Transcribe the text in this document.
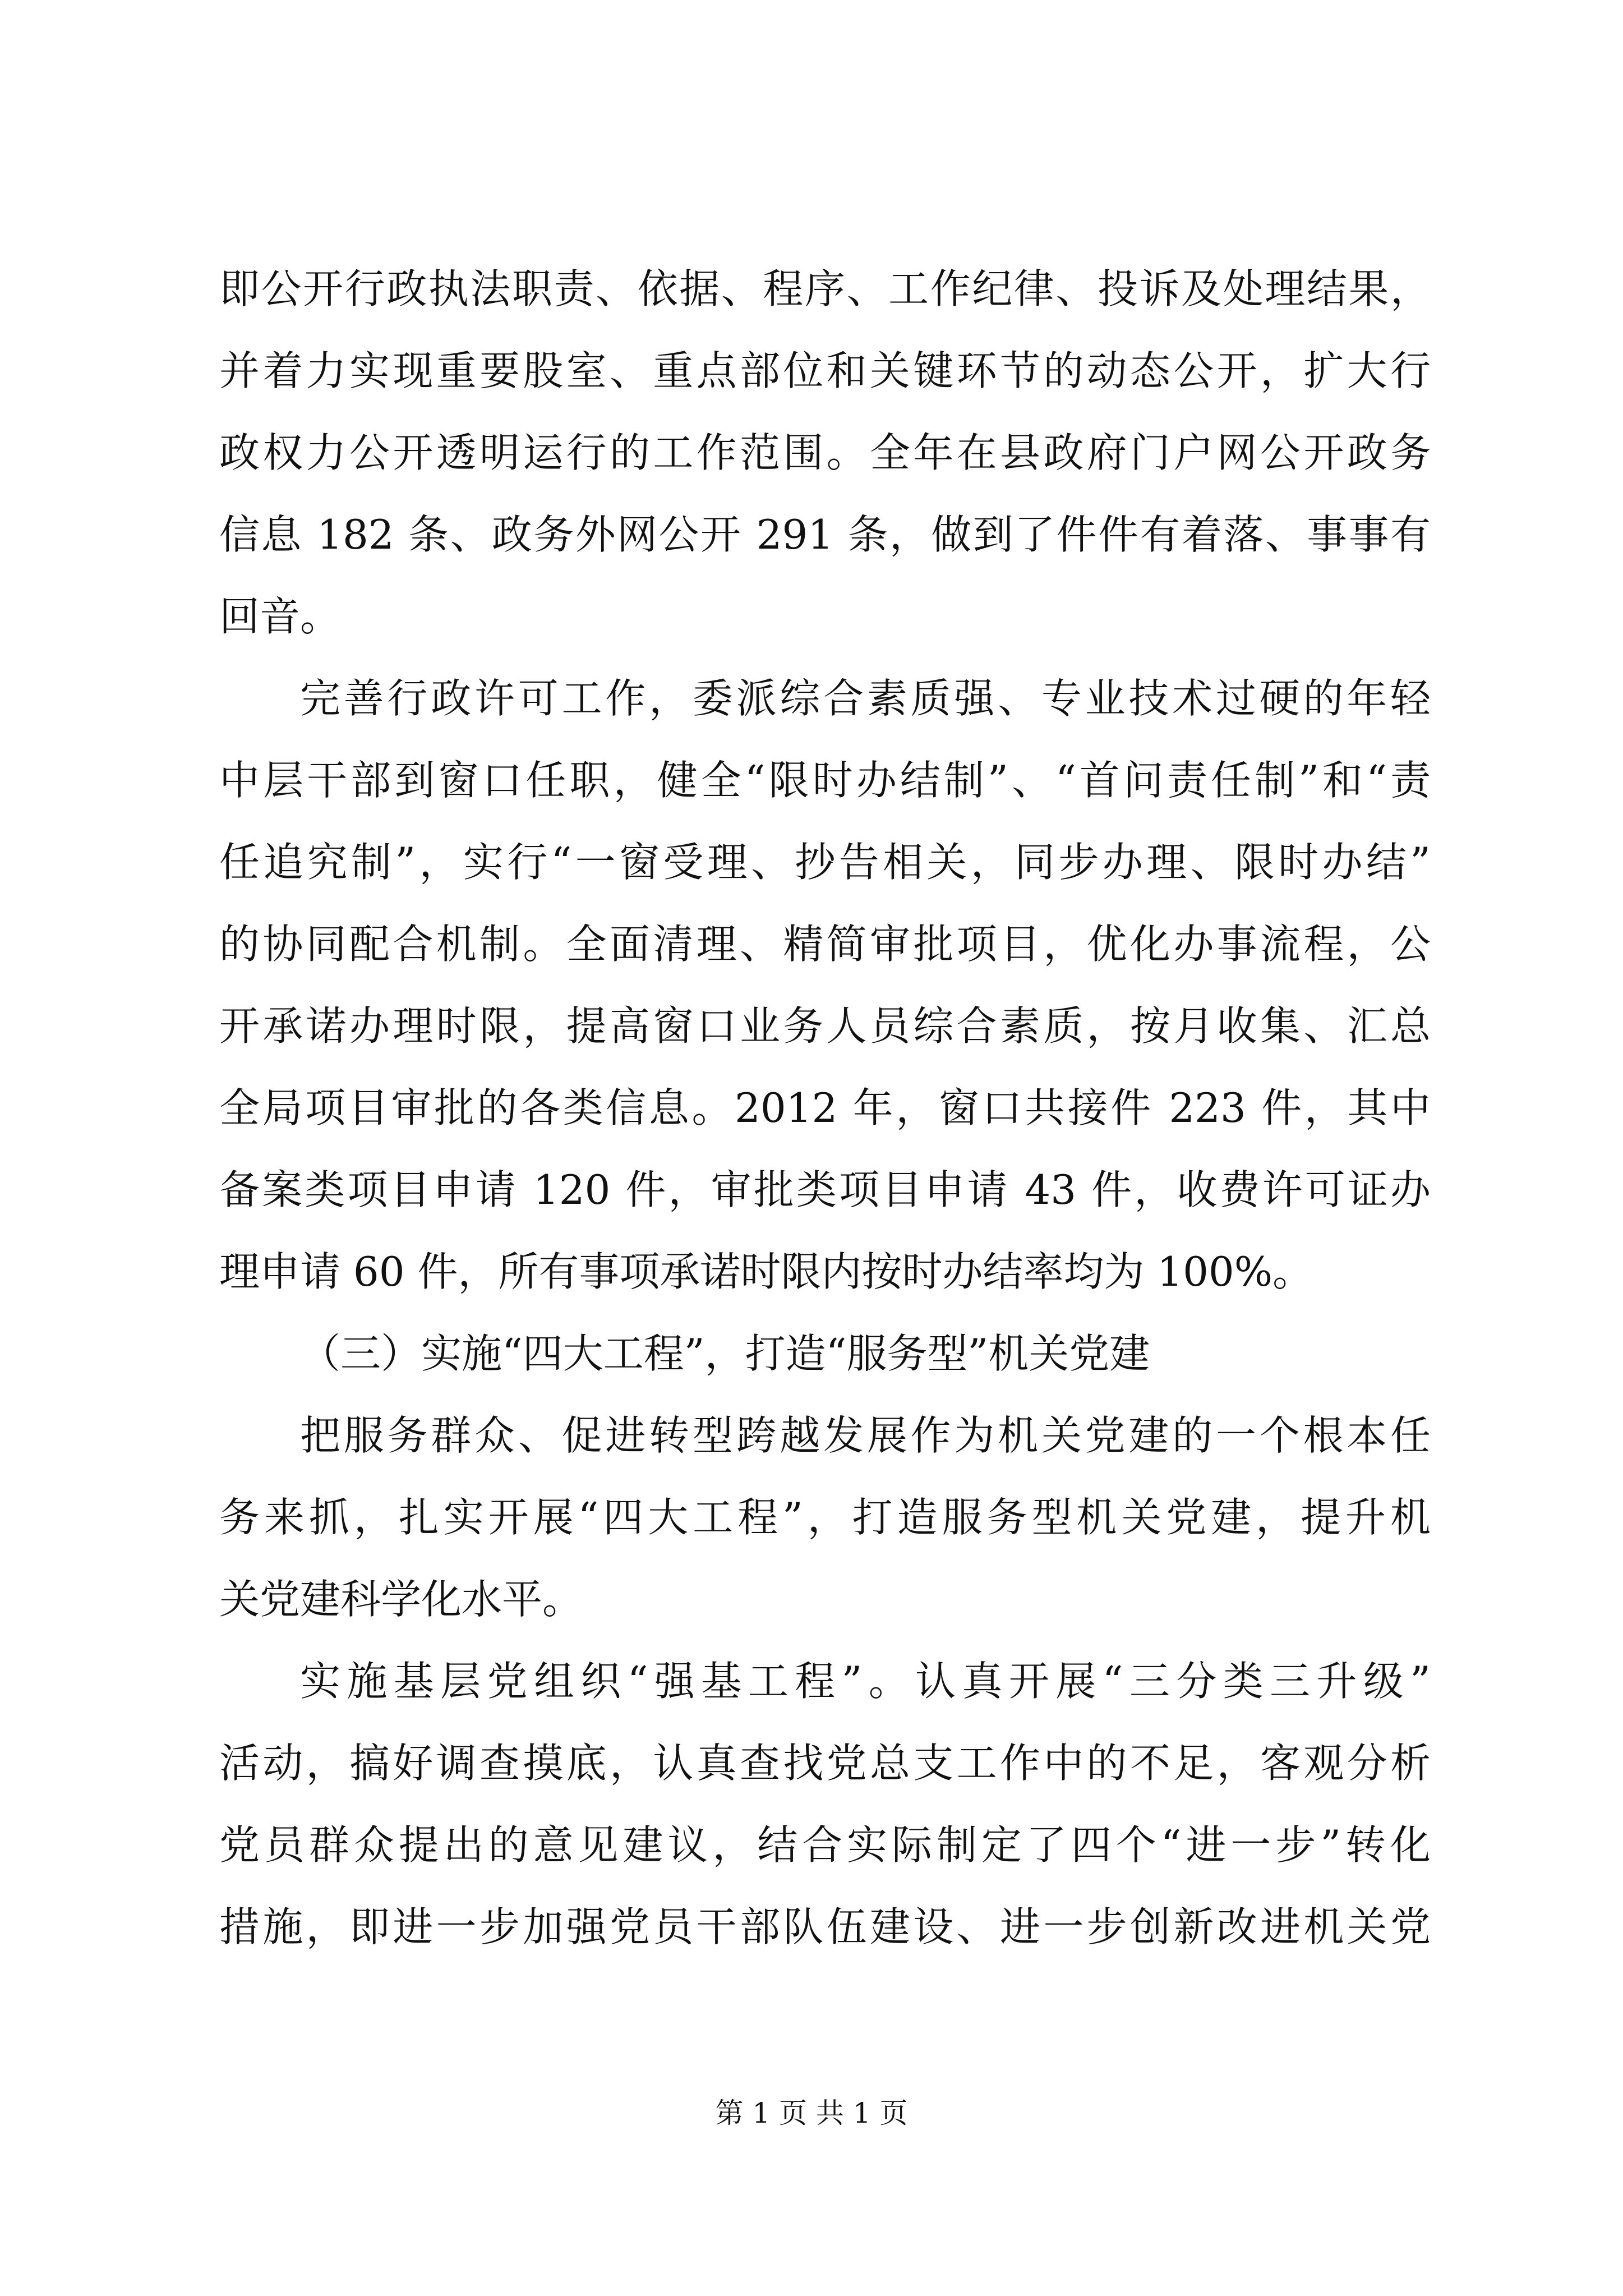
即公开行政执法职责、依据、程序、工作纪律、投诉及处理结果，
并着力实现重要股室、重点部位和关键环节的动态公开，扩大行
政权力公开透明运行的工作范围。全年在县政府门户网公开政务
信息 182 条、政务外网公开 291 条，做到了件件有着落、事事有
回音。
完善行政许可工作，委派综合素质强、专业技术过硬的年轻
中层干部到窗口任职，健全“限时办结制”、“首问责任制”和“责
任追究制”，实行“一窗受理、抄告相关，同步办理、限时办结”
的协同配合机制。全面清理、精简审批项目，优化办事流程，公
开承诺办理时限，提高窗口业务人员综合素质，按月收集、汇总
全局项目审批的各类信息。2012 年，窗口共接件 223 件，其中
备案类项目申请 120 件，审批类项目申请 43 件，收费许可证办
理申请 60 件，所有事项承诺时限内按时办结率均为 100%。
（三）实施“四大工程”，打造“服务型”机关党建
把服务群众、促进转型跨越发展作为机关党建的一个根本任
务来抓，扎实开展“四大工程”，打造服务型机关党建，提升机
关党建科学化水平。
实施基层党组织“强基工程”。认真开展“三分类三升级”
活动，搞好调查摸底，认真查找党总支工作中的不足，客观分析
党员群众提出的意见建议，结合实际制定了四个“进一步”转化
措施，即进一步加强党员干部队伍建设、进一步创新改进机关党
第 1 页 共 1 页
